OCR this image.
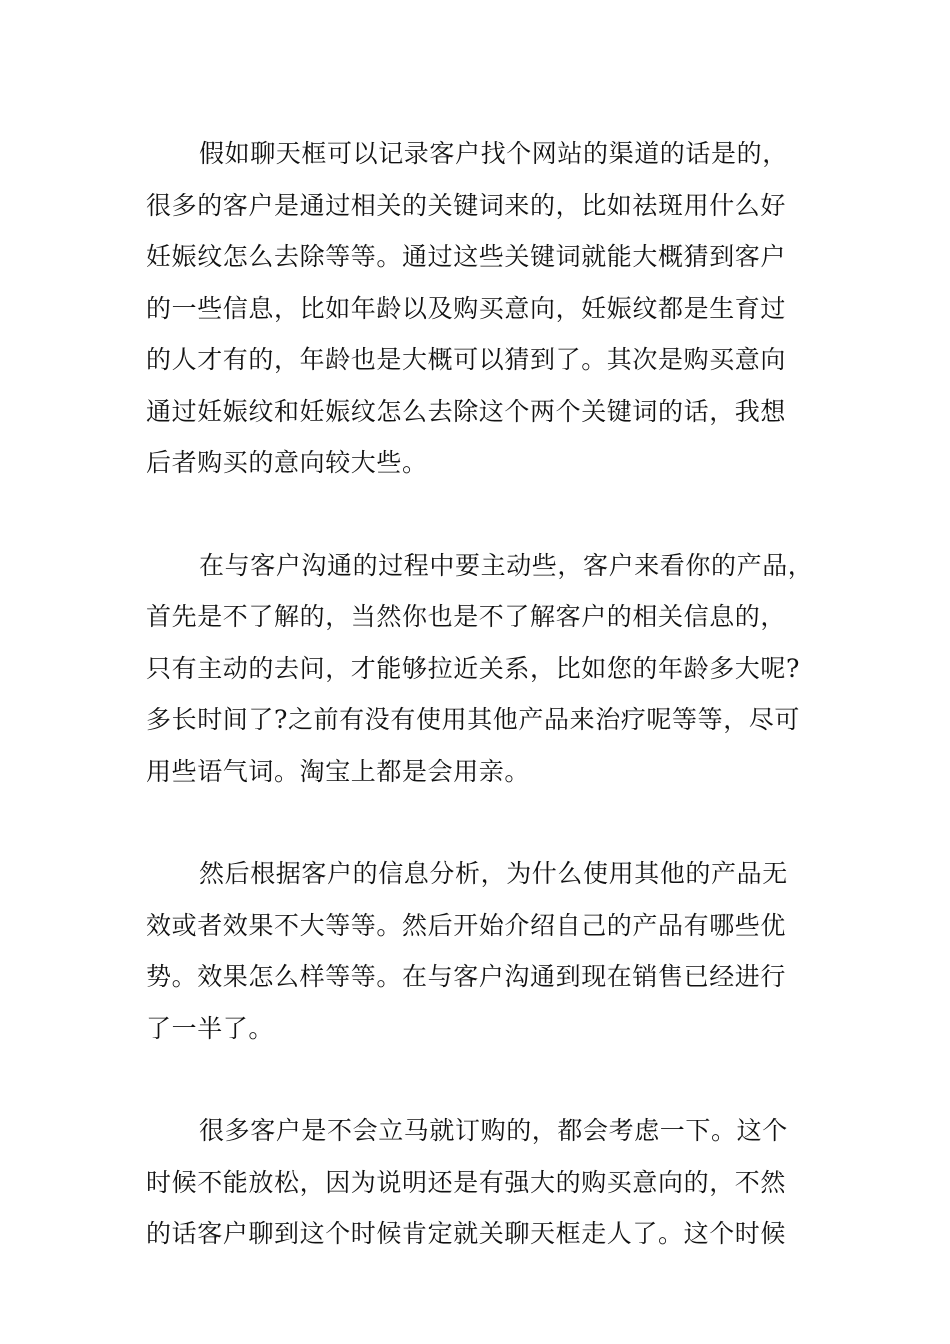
假如聊天框可以记录客户找个网站的渠道的话是的，
很多的客户是通过相关的关键词来的，比如祛斑用什么好
妊娠纹怎么去除等等。通过这些关键词就能大概猜到客户
的一些信息，比如年龄以及购买意向，妊娠纹都是生育过
的人才有的，年龄也是大概可以猜到了。其次是购买意向
通过妊娠纹和妊娠纹怎么去除这个两个关键词的话，我想
后者购买的意向较大些。

在与客户沟通的过程中要主动些，客户来看你的产品，
首先是不了解的，当然你也是不了解客户的相关信息的，
只有主动的去问，才能够拉近关系，比如您的年龄多大呢?
多长时间了?之前有没有使用其他产品来治疗呢等等，尽可
用些语气词。淘宝上都是会用亲。

然后根据客户的信息分析，为什么使用其他的产品无
效或者效果不大等等。然后开始介绍自己的产品有哪些优
势。效果怎么样等等。在与客户沟通到现在销售已经进行
了一半了。

很多客户是不会立马就订购的，都会考虑一下。这个
时候不能放松，因为说明还是有强大的购买意向的，不然
的话客户聊到这个时候肯定就关聊天框走人了。这个时候
